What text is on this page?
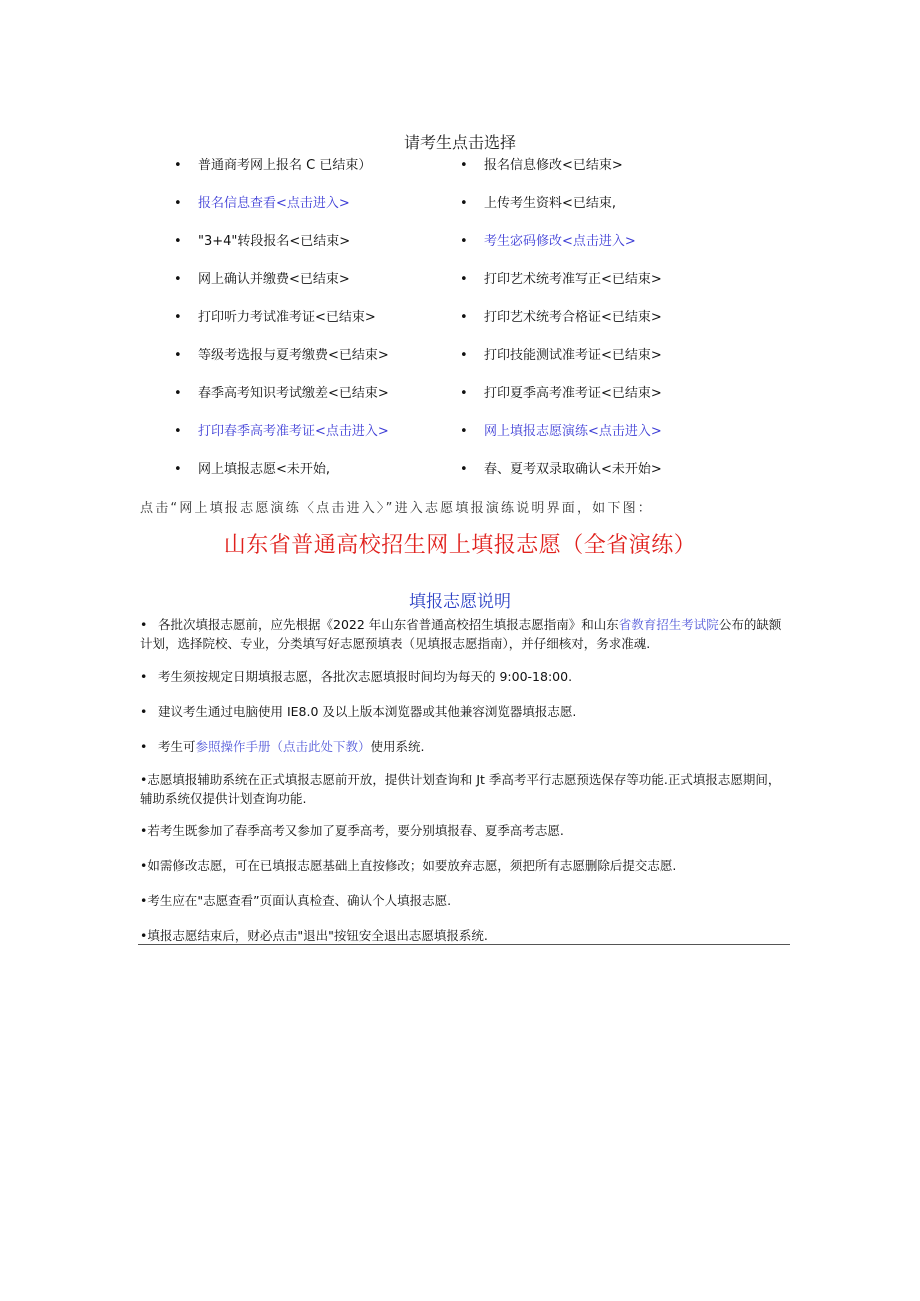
请考生点击选择
• 普通商考网上报名 C 已结束）
• 报名信息查看<点击进入>
• "3+4"转段报名<已结束>
• 网上确认并缴费<已结束>
• 打印听力考试准考证<已结束>
• 等级考选报与夏考缴费<已结束>
• 春季高考知识考试缴差<已结束>
• 打印春季高考准考证<点击进入>
• 网上填报志愿<未开始,
• 报名信息修改<已结束>
• 上传考生资料<已结束,
• 考生宓码修改<点击进入>
• 打印艺术统考准写正<已结束>
• 打印艺术统考合格证<已结束>
• 打印技能测试准考证<已结束>
• 打印夏季高考准考证<已结束>
• 网上填报志愿演练<点击进入>
• 春、夏考双录取确认<未开始>
点击“网上填报志愿演练〈点击进入〉”进入志愿填报演练说明界面，如下图：
山东省普通高校招生网上填报志愿（全省演练）
填报志愿说明
• 各批次填报志愿前，应先根据《2022 年山东省普通高校招生填报志愿指南》和山东省教育招生考试院公布的缺额计划，选择院校、专业，分类填写好志愿预填表（见填报志愿指南），并仔细核对，务求准魂.
• 考生须按规定日期填报志愿，各批次志愿填报时间均为每天的 9:00-18:00.
• 建议考生通过电脑使用 IE8.0 及以上版本浏览器或其他兼容浏览器填报志愿.
• 考生可参照操作手册（点击此处下教）使用系统.
•志愿填报辅助系统在正式填报志愿前开放，提供计划查询和 Jt 季高考平行志愿预选保存等功能.正式填报志愿期间，辅助系统仅提供计划查询功能.
•若考生既参加了春季高考又参加了夏季高考，要分别填报春、夏季高考志愿.
•如需修改志愿，可在已填报志愿基础上直按修改；如要放弃志愿，须把所有志愿删除后提交志愿.
•考生应在"志愿查看”页面认真检查、确认个人填报志愿.
•填报志愿结束后，财必点击"退出"按钮安全退出志愿填报系统.
